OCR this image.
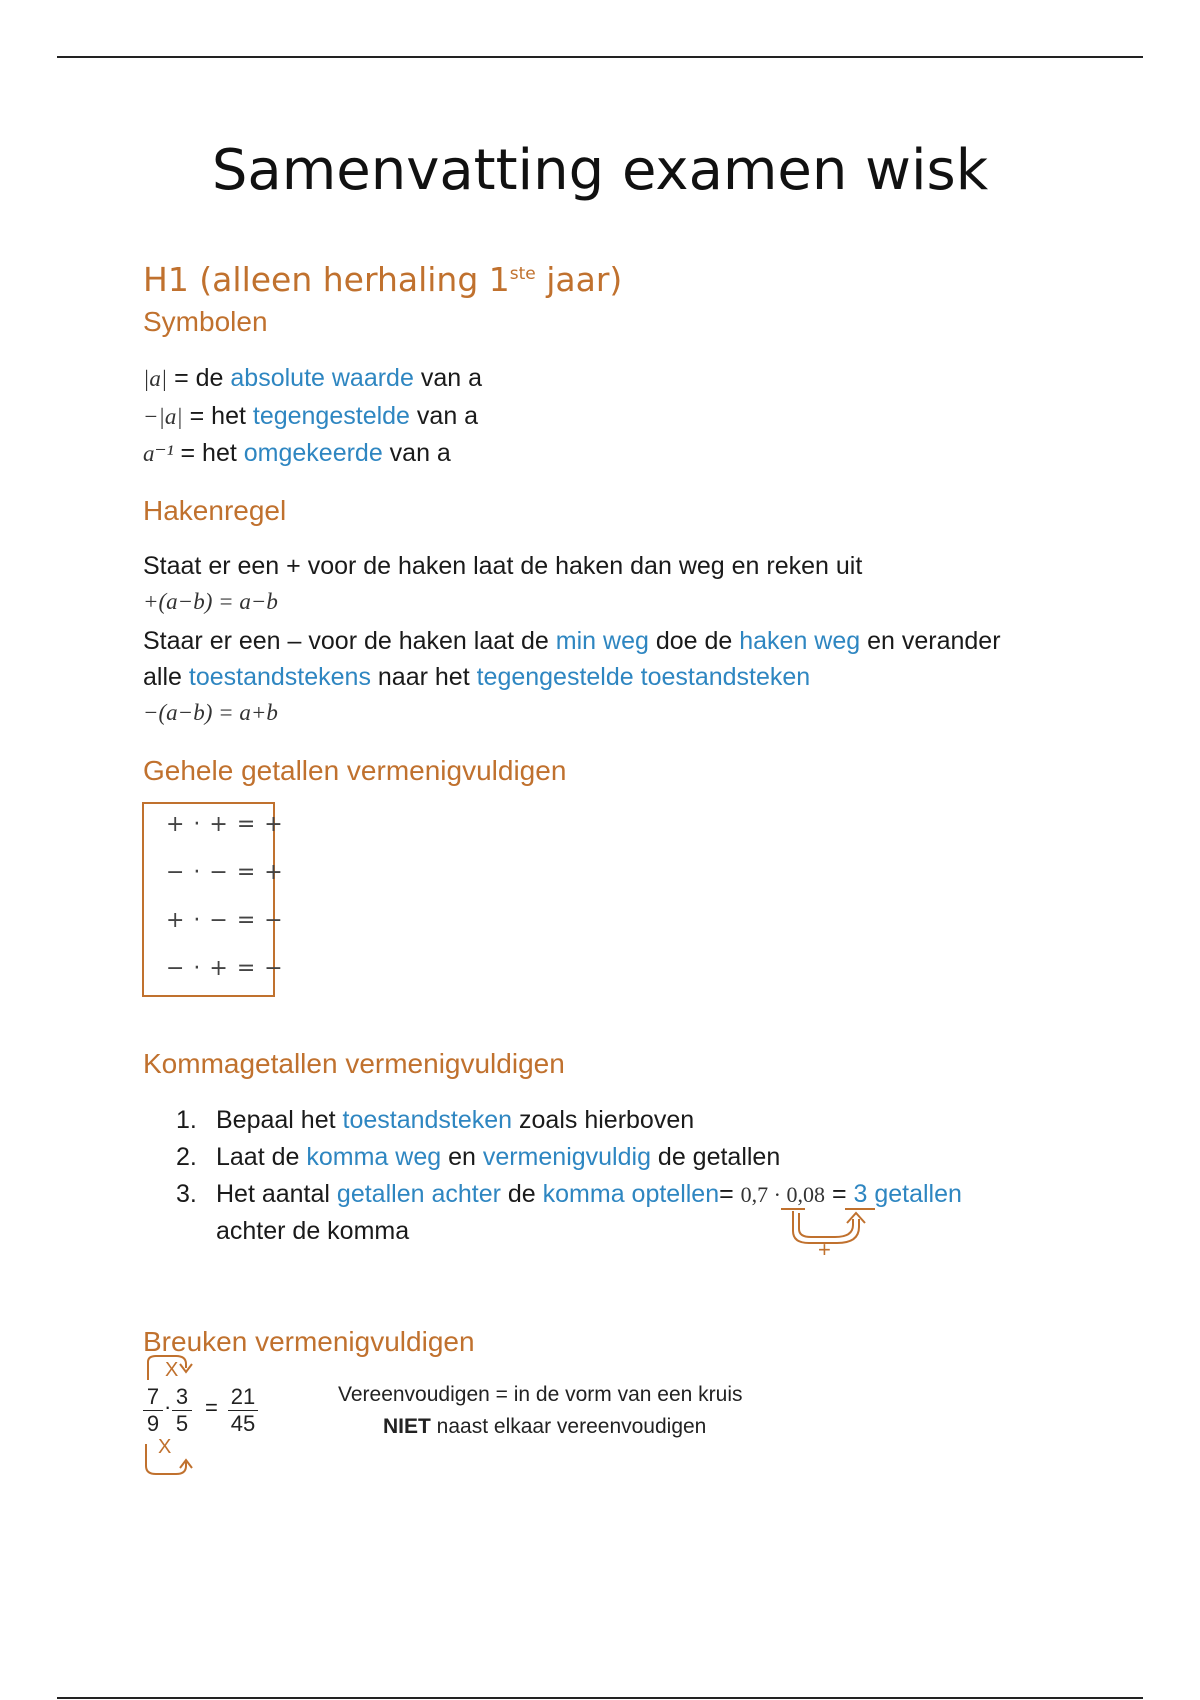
Samenvatting examen wisk
H1 (alleen herhaling 1ste jaar)
Symbolen
|a| = de absolute waarde van a
−|a| = het tegengestelde van a
a⁻¹ = het omgekeerde van a
Hakenregel
Staat er een + voor de haken laat de haken dan weg en reken uit
+(a−b) = a−b
Staar er een – voor de haken laat de min weg doe de haken weg en verander
alle toestandstekens naar het tegengestelde toestandsteken
−(a−b) = a+b
Gehele getallen vermenigvuldigen
+ · + = +
− · − = +
+ · − = −
− · + = −
Kommagetallen vermenigvuldigen
1. Bepaal het toestandsteken zoals hierboven
2. Laat de komma weg en vermenigvuldig de getallen
3. Het aantal getallen achter de komma optellen= 0,7 · 0,08 = 3 getallen
achter de komma
+
Breuken vermenigvuldigen
X
$\frac{7}{9} \cdot \frac{3}{5} = \frac{21}{45}$
X
Vereenvoudigen = in de vorm van een kruis
NIET naast elkaar vereenvoudigen
